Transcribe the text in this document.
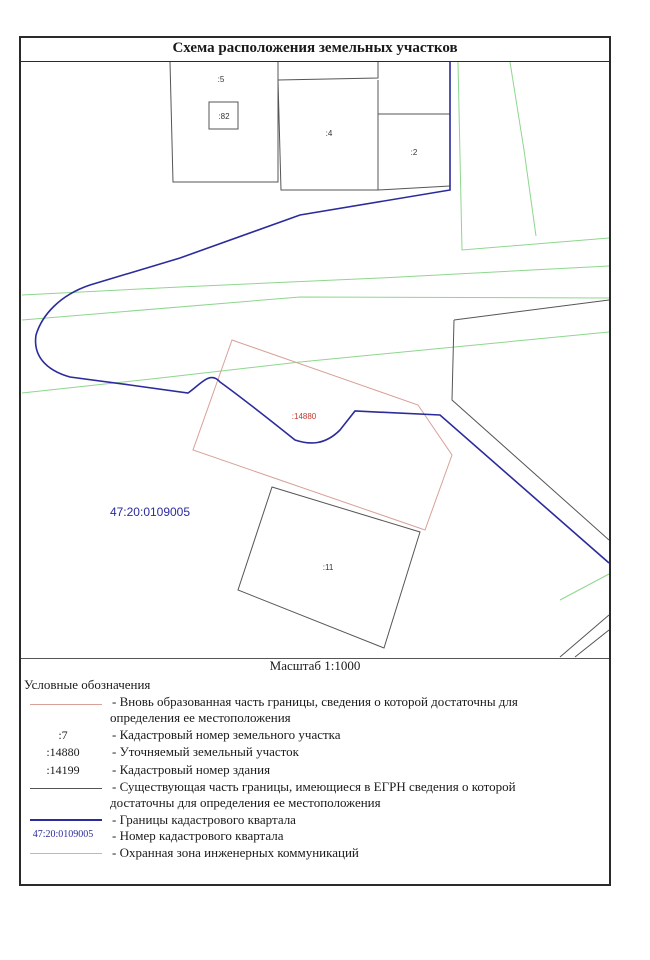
Схема расположения земельных участков
:5
:82
:4
:2
:14880
:11
47:20:0109005
Масштаб 1:1000
Условные обозначения
- Вновь образованная часть границы, сведения о которой достаточны для
определения ее местоположения
:7	- Кадастровый номер земельного участка
:14880	- Уточняемый земельный участок
:14199	- Кадастровый номер здания
- Существующая часть границы, имеющиеся в ЕГРН сведения о которой
достаточны для определения ее местоположения
- Границы кадастрового квартала
47:20:0109005	- Номер кадастрового квартала
- Охранная зона инженерных коммуникаций
